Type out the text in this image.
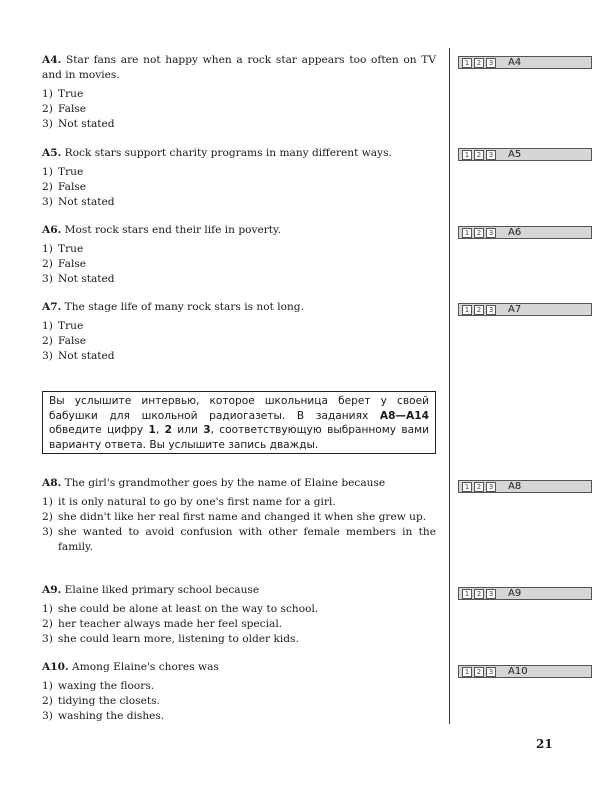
A4. Star fans are not happy when a rock star appears too often on TV and in movies.

1) True
2) False
3) Not stated

A5. Rock stars support charity programs in many different ways.

1) True
2) False
3) Not stated

A6. Most rock stars end their life in poverty.

1) True
2) False
3) Not stated

A7. The stage life of many rock stars is not long.

1) True
2) False
3) Not stated
Вы услышите интервью, которое школьница берет у своей бабушки для школьной радиогазеты. В заданиях A8—A14 обведите цифру 1, 2 или 3, соответствующую выбранному вами варианту ответа. Вы услышите запись дважды.

A8. The girl's grandmother goes by the name of Elaine because

1) it is only natural to go by one's first name for a girl.
2) she didn't like her real first name and changed it when she grew up.
3) she wanted to avoid confusion with other female members in the family.

A9. Elaine liked primary school because

1) she could be alone at least on the way to school.
2) her teacher always made her feel special.
3) she could learn more, listening to older kids.

A10. Among Elaine's chores was

1) waxing the floors.
2) tidying the closets.
3) washing the dishes.
1	2	3 A4
1	2	3 A5
1	2	3 A6
1	2	3 A7
1	2	3 A8
1	2	3 A9
1	2	3 A10
21
